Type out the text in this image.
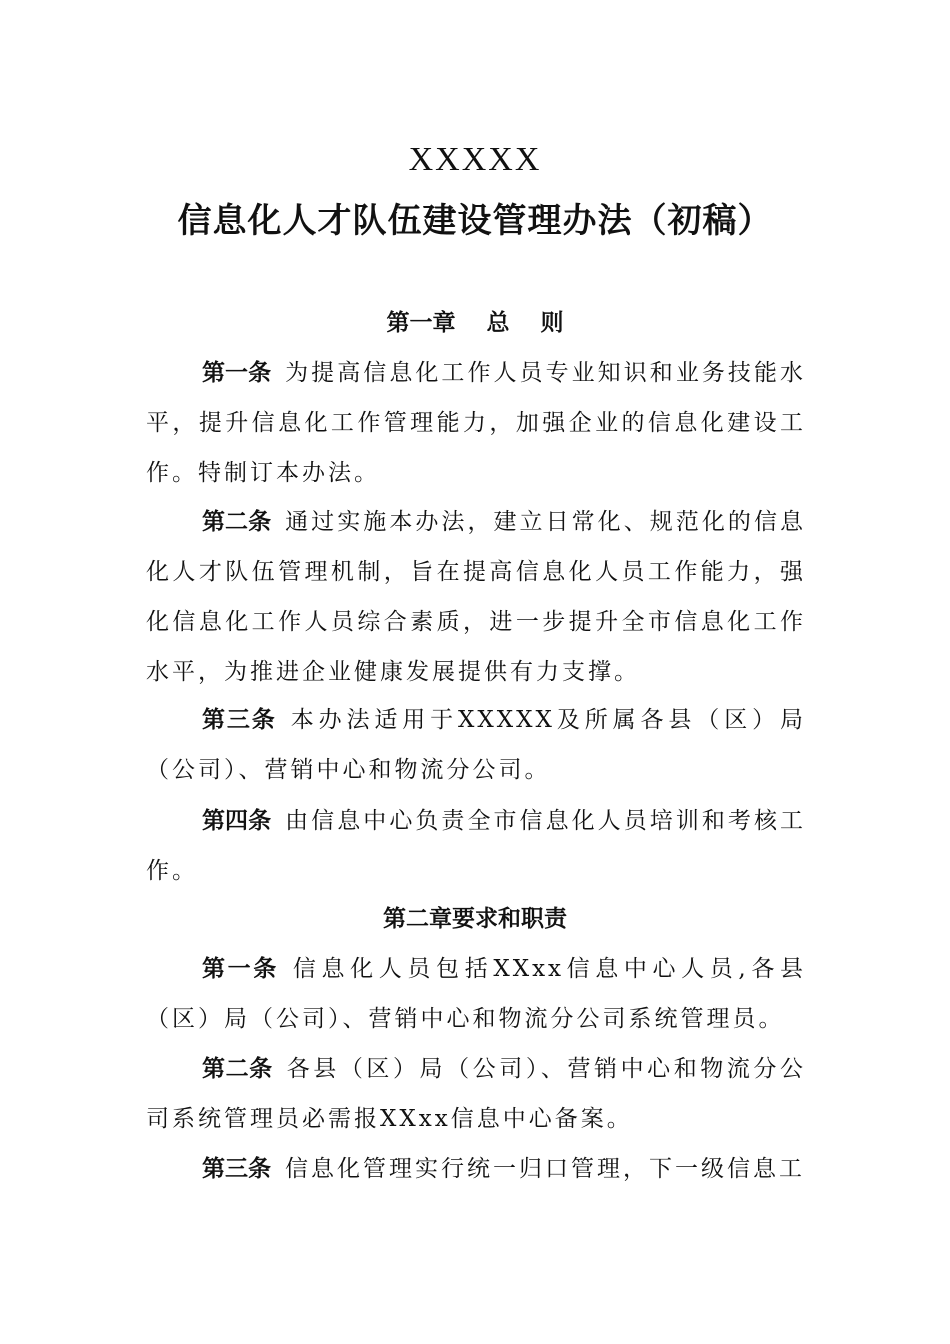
XXXXX
信息化人才队伍建设管理办法（初稿）
第一章　 总　 则
第一条 为提高信息化工作人员专业知识和业务技能水平，提升信息化工作管理能力，加强企业的信息化建设工作。特制订本办法。
第二条 通过实施本办法，建立日常化、规范化的信息化人才队伍管理机制，旨在提高信息化人员工作能力，强化信息化工作人员综合素质，进一步提升全市信息化工作水平，为推进企业健康发展提供有力支撑。
第三条 本办法适用于XXXXX及所属各县（区）局（公司）、营销中心和物流分公司。
第四条 由信息中心负责全市信息化人员培训和考核工作。
第二章要求和职责
第一条 信息化人员包括XXxx信息中心人员,各县（区）局（公司）、营销中心和物流分公司系统管理员。
第二条 各县（区）局（公司）、营销中心和物流分公司系统管理员必需报XXxx信息中心备案。
第三条 信息化管理实行统一归口管理，下一级信息工
